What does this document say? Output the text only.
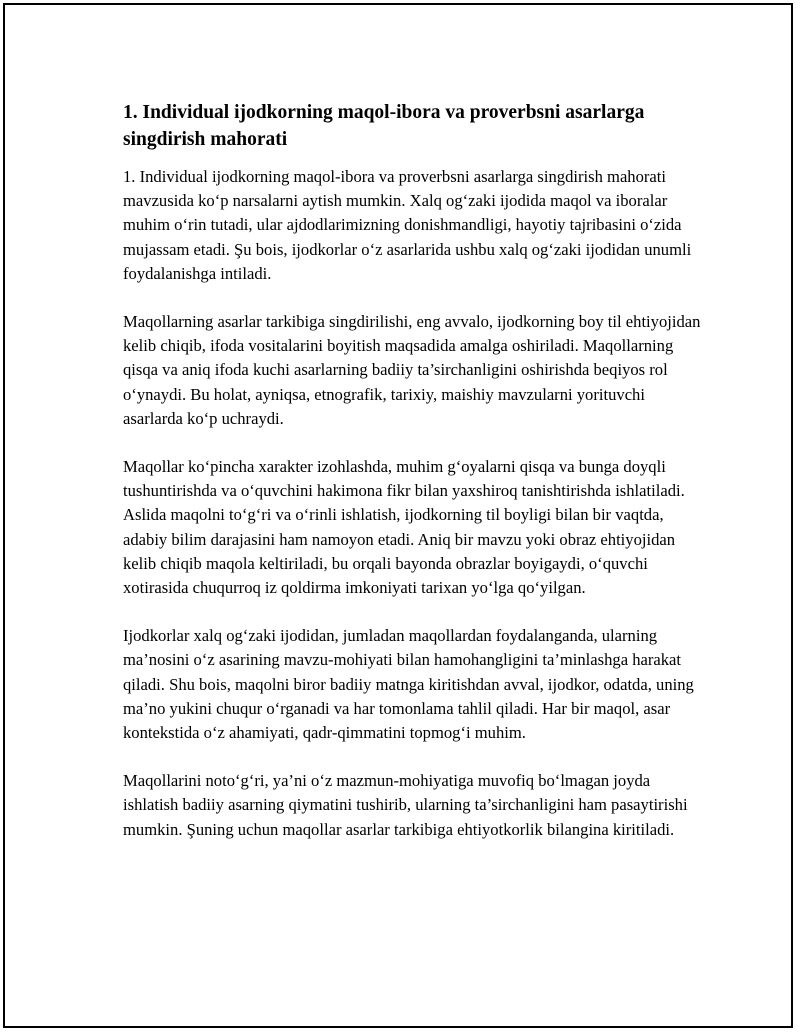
1. Individual ijodkorning maqol-ibora va proverbsni asarlarga singdirish mahorati

1. Individual ijodkorning maqol-ibora va proverbsni asarlarga singdirish mahorati mavzusida ko‘p narsalarni aytish mumkin. Xalq og‘zaki ijodida maqol va iboralar muhim o‘rin tutadi, ular ajdodlarimizning donishmandligi, hayotiy tajribasini o‘zida mujassam etadi. Şu bois, ijodkorlar o‘z asarlarida ushbu xalq og‘zaki ijodidan unumli foydalanishga intiladi.

Maqollarning asarlar tarkibiga singdirilishi, eng avvalo, ijodkorning boy til ehtiyojidan kelib chiqib, ifoda vositalarini boyitish maqsadida amalga oshiriladi. Maqollarning qisqa va aniq ifoda kuchi asarlarning badiiy ta’sirchanligini oshirishda beqiyos rol o‘ynaydi. Bu holat, ayniqsa, etnografik, tarixiy, maishiy mavzularni yorituvchi asarlarda ko‘p uchraydi.

Maqollar ko‘pincha xarakter izohlashda, muhim g‘oyalarni qisqa va bunga doyqli tushuntirishda va o‘quvchini hakimona fikr bilan yaxshiroq tanishtirishda ishlatiladi. Aslida maqolni to‘g‘ri va o‘rinli ishlatish, ijodkorning til boyligi bilan bir vaqtda, adabiy bilim darajasini ham namoyon etadi. Aniq bir mavzu yoki obraz ehtiyojidan kelib chiqib maqola keltiriladi, bu orqali bayonda obrazlar boyigaydi, o‘quvchi xotirasida chuqurroq iz qoldirma imkoniyati tarixan yo‘lga qo‘yilgan.

Ijodkorlar xalq og‘zaki ijodidan, jumladan maqollardan foydalanganda, ularning ma’nosini o‘z asarining mavzu-mohiyati bilan hamohangligini ta’minlashga harakat qiladi. Shu bois, maqolni biror badiiy matnga kiritishdan avval, ijodkor, odatda, uning ma’no yukini chuqur o‘rganadi va har tomonlama tahlil qiladi. Har bir maqol, asar kontekstida o‘z ahamiyati, qadr-qimmatini topmog‘i muhim.

Maqollarini noto‘g‘ri, ya’ni o‘z mazmun-mohiyatiga muvofiq bo‘lmagan joyda ishlatish badiiy asarning qiymatini tushirib, ularning ta’sirchanligini ham pasaytirishi mumkin. Şuning uchun maqollar asarlar tarkibiga ehtiyotkorlik bilangina kiritiladi.
